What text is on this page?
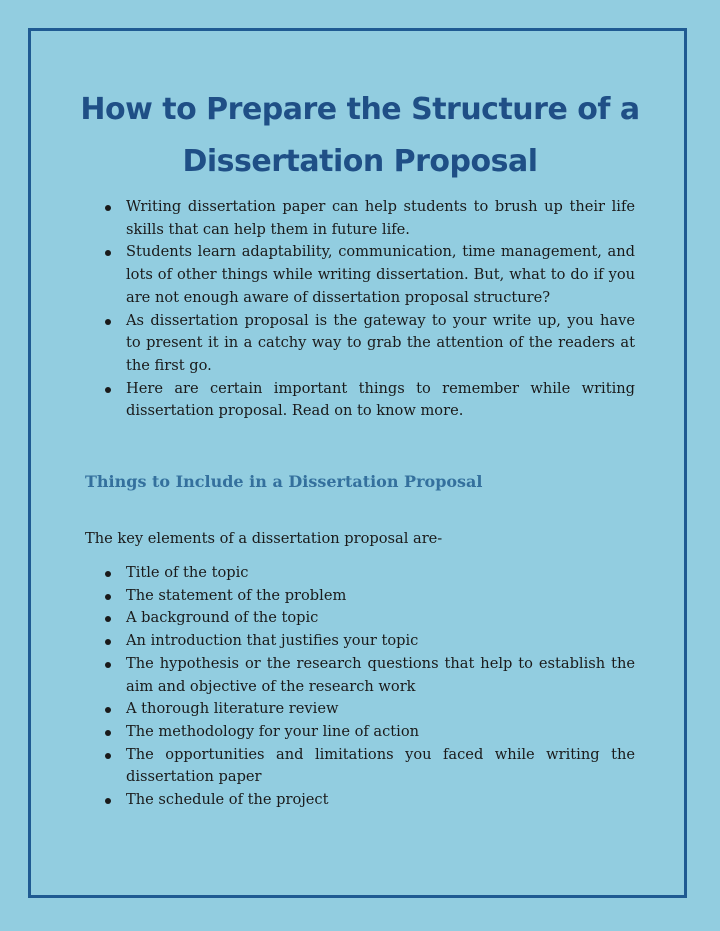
How to Prepare the Structure of a
Dissertation Proposal
Writing dissertation paper can help students to brush up their life skills that can help them in future life.
Students learn adaptability, communication, time management, and lots of other things while writing dissertation. But, what to do if you are not enough aware of dissertation proposal structure?
As dissertation proposal is the gateway to your write up, you have to present it in a catchy way to grab the attention of the readers at the first go.
Here are certain important things to remember while writing dissertation proposal. Read on to know more.
Things to Include in a Dissertation Proposal

The key elements of a dissertation proposal are-

Title of the topic
The statement of the problem
A background of the topic
An introduction that justifies your topic
The hypothesis or the research questions that help to establish the aim and objective of the research work
A thorough literature review
The methodology for your line of action
The opportunities and limitations you faced while writing the dissertation paper
The schedule of the project
